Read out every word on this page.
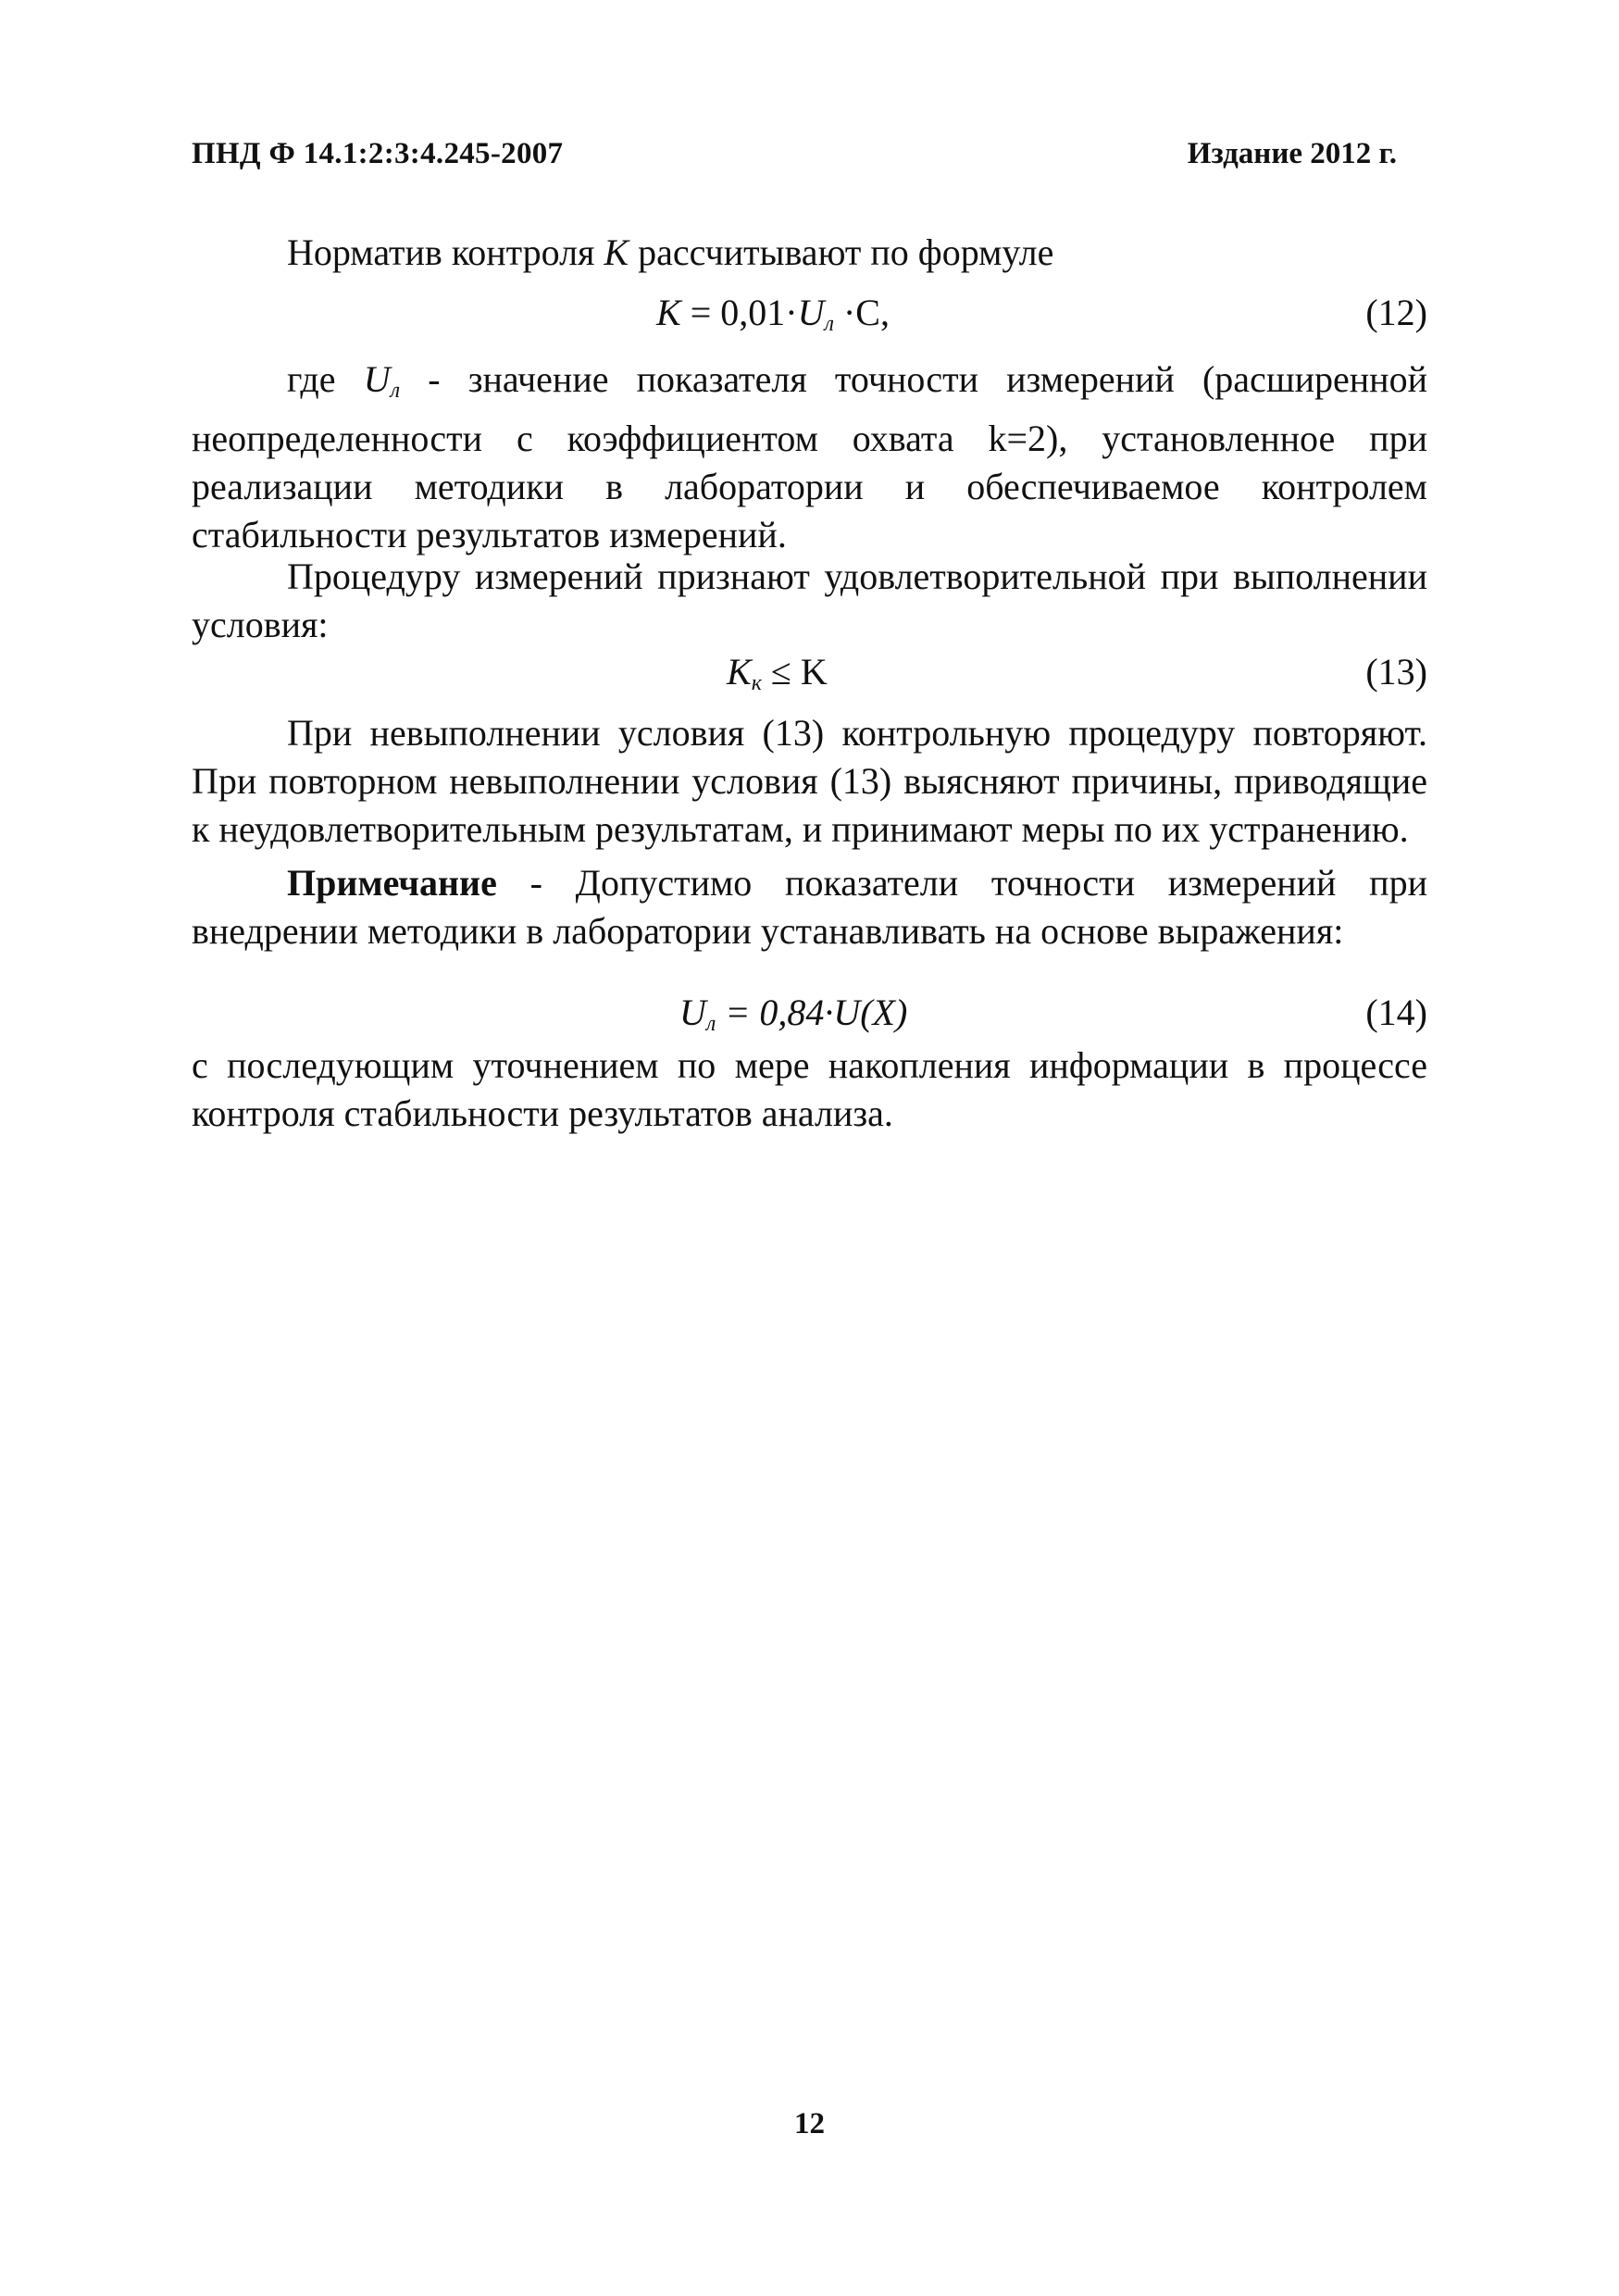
ПНД Ф 14.1:2:3:4.245-2007	Издание 2012 г.
Норматив контроля K рассчитывают по формуле
$K = 0,01\cdot U_л \cdot C$,	(12)
где $U_л$ - значение показателя точности измерений (расширенной неопределенности с коэффициентом охвата k=2), установленное при реализации методики в лаборатории и обеспечиваемое контролем стабильности результатов измерений.
Процедуру измерений признают удовлетворительной при выполнении условия:
$K_к \le K$	(13)
При невыполнении условия (13) контрольную процедуру повторяют. При повторном невыполнении условия (13) выясняют причины, приводящие к неудовлетворительным результатам, и принимают меры по их устранению.
Примечание - Допустимо показатели точности измерений при внедрении методики в лаборатории устанавливать на основе выражения:
$U_л = 0,84\cdot U(X)$	(14)
с последующим уточнением по мере накопления информации в процессе контроля стабильности результатов анализа.
12
